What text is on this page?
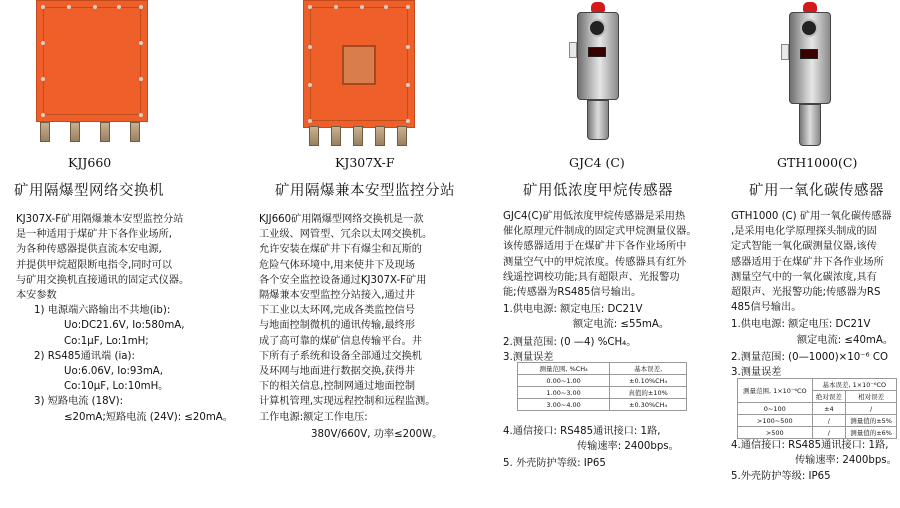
KJJ660
矿用隔爆型网络交换机
KJ307X-F矿用隔爆兼本安型监控分站
是一种适用于煤矿井下各作业场所,
为各种传感器提供直流本安电源,
并提供甲烷超限断电指令,同时可以
与矿用交换机直接通讯的固定式仪器。
本安参数
1) 电源端六路输出不共地(ib):
Uo:DC21.6V, Io:580mA,
Co:1μF, Lo:1mH;
2) RS485通讯端 (ia):
Uo:6.06V, Io:93mA,
Co:10μF, Lo:10mH。
3) 短路电流 (18V):
≤20mA;短路电流 (24V): ≤20mA。
KJ307X-F
矿用隔爆兼本安型监控分站
KJJ660矿用隔爆型网络交换机是一款
工业级、网管型、冗余以太网交换机。
允许安装在煤矿井下有爆尘和瓦斯的
危险气体环境中,用来使井下及现场
各个安全监控设备通过KJ307X-F矿用
隔爆兼本安型监控分站接入,通过井
下工业以太环网,完成各类监控信号
与地面控制微机的通讯传输,最终形
成了高可靠的煤矿信息传输平台。井
下所有子系统和设备全部通过交换机
及环网与地面进行数据交换,获得井
下的相关信息,控制网通过地面控制
计算机管理,实现远程控制和远程监测。
工作电源:额定工作电压:
380V/660V, 功率≤200W。
GJC4 (C)
矿用低浓度甲烷传感器
GJC4(C)矿用低浓度甲烷传感器是采用热
催化原理元件制成的固定式甲烷测量仪器。
该传感器适用于在煤矿井下各作业场所中
测量空气中的甲烷浓度。传感器具有红外
线遥控调校功能;具有超限声、光报警功
能;传感器为RS485信号输出。
1.供电电源: 额定电压: DC21V
额定电流: ≤55mA。
2.测量范围: (0 —4) %CH₄。
3.测量误差
测量范围, %CH₄	基本误差,
0.00~1.00	±0.10%CH₄
1.00~3.00	真值的±10%
3.00~4.00	±0.30%CH₄
4.通信接口: RS485通讯接口: 1路,
传输速率: 2400bps。
5. 外壳防护等级: IP65
GTH1000(C)
矿用一氧化碳传感器
GTH1000 (C) 矿用一氧化碳传感器
,是采用电化学原理探头制成的固
定式智能一氧化碳测量仪器,该传
感器适用于在煤矿井下各作业场所
测量空气中的一氧化碳浓度,具有
超限声、光报警功能;传感器为RS
485信号输出。
1.供电电源: 额定电压: DC21V
额定电流: ≤40mA。
2.测量范围: (0—1000)×10⁻⁶ CO
3.测量误差
测量范围, 1×10⁻⁶CO	基本误差, 1×10⁻⁶CO	
	绝对误差	相对误差
0~100	±4	/
>100~500	/	测量值的±5%
>500	/	测量值的±6%
4.通信接口: RS485通讯接口: 1路,
传输速率: 2400bps。
5.外壳防护等级: IP65
